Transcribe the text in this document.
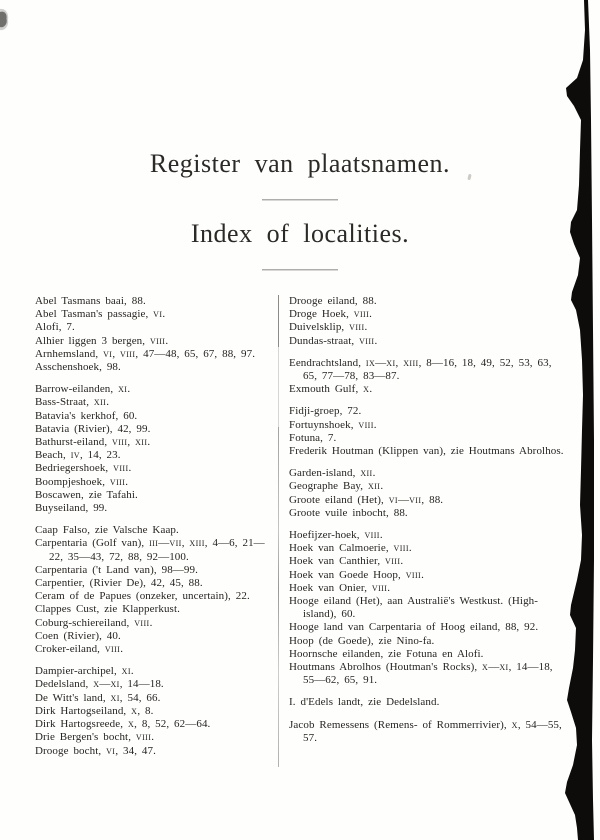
Register van plaatsnamen.
Index of localities.

Abel Tasmans baai, 88.

Abel Tasman's passagie, vi.

Alofi, 7.

Alhier liggen 3 bergen, viii.

Arnhemsland, vi, viii, 47—48, 65, 67, 88, 97.

Asschenshoek, 98.

Barrow-eilanden, xi.

Bass-Straat, xii.

Batavia's kerkhof, 60.

Batavia (Rivier), 42, 99.

Bathurst-eiland, viii, xii.

Beach, iv, 14, 23.

Bedriegershoek, viii.

Boompjeshoek, viii.

Boscawen, zie Tafahi.

Buyseiland, 99.

Caap Falso, zie Valsche Kaap.

Carpentaria (Golf van), iii—vii, xiii, 4—6, 21—22, 35—43, 72, 88, 92—100.

Carpentaria ('t Land van), 98—99.

Carpentier, (Rivier De), 42, 45, 88.

Ceram of de Papues (onzeker, uncertain), 22.

Clappes Cust, zie Klapperkust.

Coburg-schiereiland, viii.

Coen (Rivier), 40.

Croker-eiland, viii.

Dampier-archipel, xi.

Dedelsland, x—xi, 14—18.

De Witt's land, xi, 54, 66.

Dirk Hartogseiland, x, 8.

Dirk Hartogsreede, x, 8, 52, 62—64.

Drie Bergen's bocht, viii.

Drooge bocht, vi, 34, 47.

Drooge eiland, 88.

Droge Hoek, viii.

Duivelsklip, viii.

Dundas-straat, viii.

Eendrachtsland, ix—xi, xiii, 8—16, 18, 49, 52, 53, 63, 65, 77—78, 83—87.

Exmouth Gulf, x.

Fidji-groep, 72.

Fortuynshoek, viii.

Fotuna, 7.

Frederik Houtman (Klippen van), zie Houtmans Abrolhos.

Garden-island, xii.

Geographe Bay, xii.

Groote eiland (Het), vi—vii, 88.

Groote vuile inbocht, 88.

Hoefijzer-hoek, viii.

Hoek van Calmoerie, viii.

Hoek van Canthier, viii.

Hoek van Goede Hoop, viii.

Hoek van Onier, viii.

Hooge eiland (Het), aan Australië's Westkust. (High-island), 60.

Hooge land van Carpentaria of Hoog eiland, 88, 92.

Hoop (de Goede), zie Nino-fa.

Hoornsche eilanden, zie Fotuna en Alofi.

Houtmans Abrolhos (Houtman's Rocks), x—xi, 14—18, 55—62, 65, 91.

I. d'Edels landt, zie Dedelsland.

Jacob Remessens (Remens- of Rommerrivier), x, 54—55, 57.
